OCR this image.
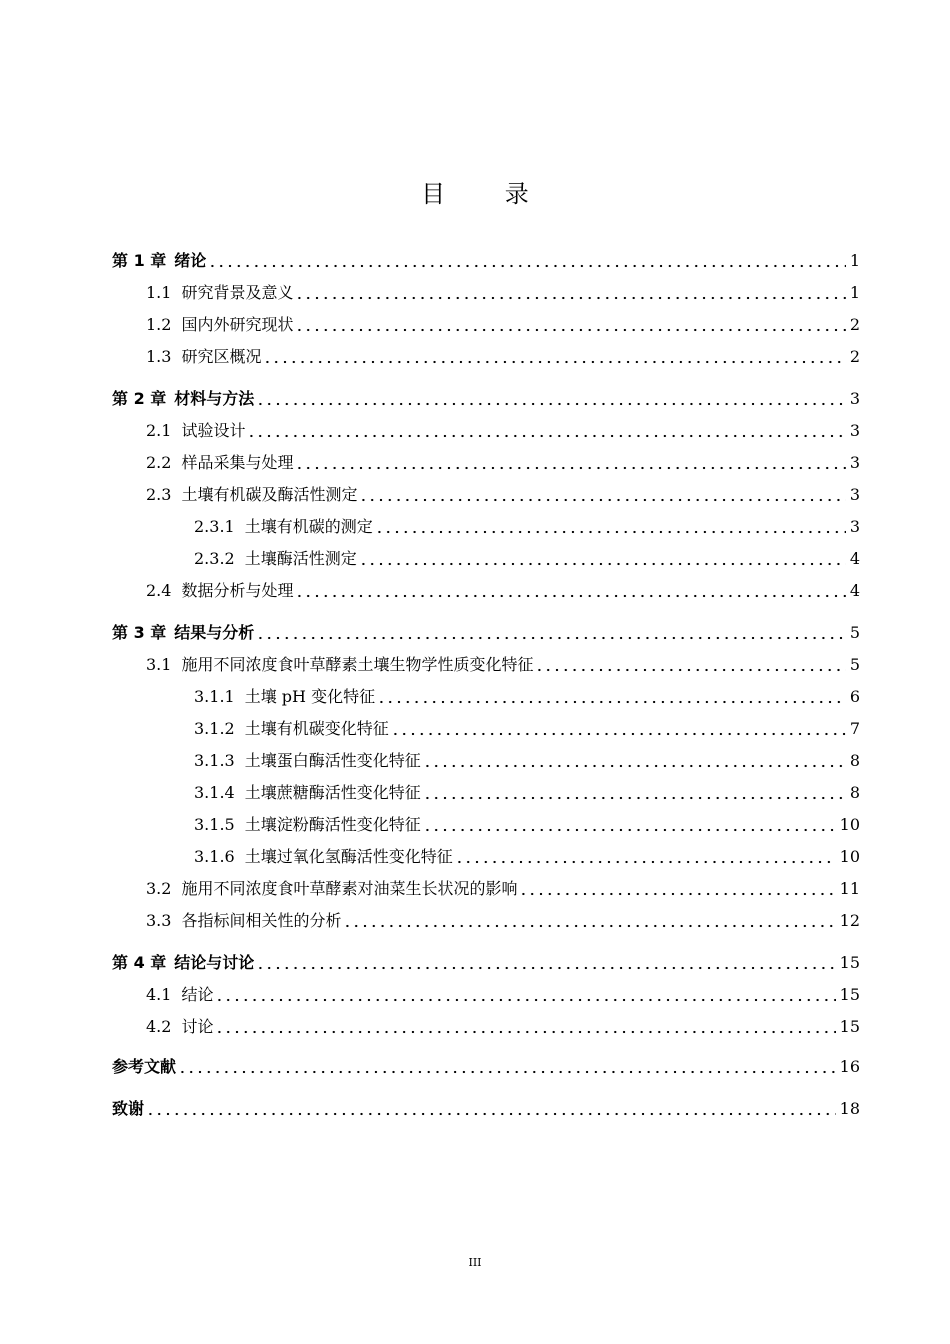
目 录
第 1 章 绪论	1
1.1 研究背景及意义	1
1.2 国内外研究现状	2
1.3 研究区概况	2
第 2 章 材料与方法	3
2.1 试验设计	3
2.2 样品采集与处理	3
2.3 土壤有机碳及酶活性测定	3
2.3.1 土壤有机碳的测定	3
2.3.2 土壤酶活性测定	4
2.4 数据分析与处理	4
第 3 章 结果与分析	5
3.1 施用不同浓度食叶草酵素土壤生物学性质变化特征	5
3.1.1 土壤 pH 变化特征	6
3.1.2 土壤有机碳变化特征	7
3.1.3 土壤蛋白酶活性变化特征	8
3.1.4 土壤蔗糖酶活性变化特征	8
3.1.5 土壤淀粉酶活性变化特征	10
3.1.6 土壤过氧化氢酶活性变化特征	10
3.2 施用不同浓度食叶草酵素对油菜生长状况的影响	11
3.3 各指标间相关性的分析	12
第 4 章 结论与讨论	15
4.1 结论	15
4.2 讨论	15
参考文献	16
致谢	18
III
